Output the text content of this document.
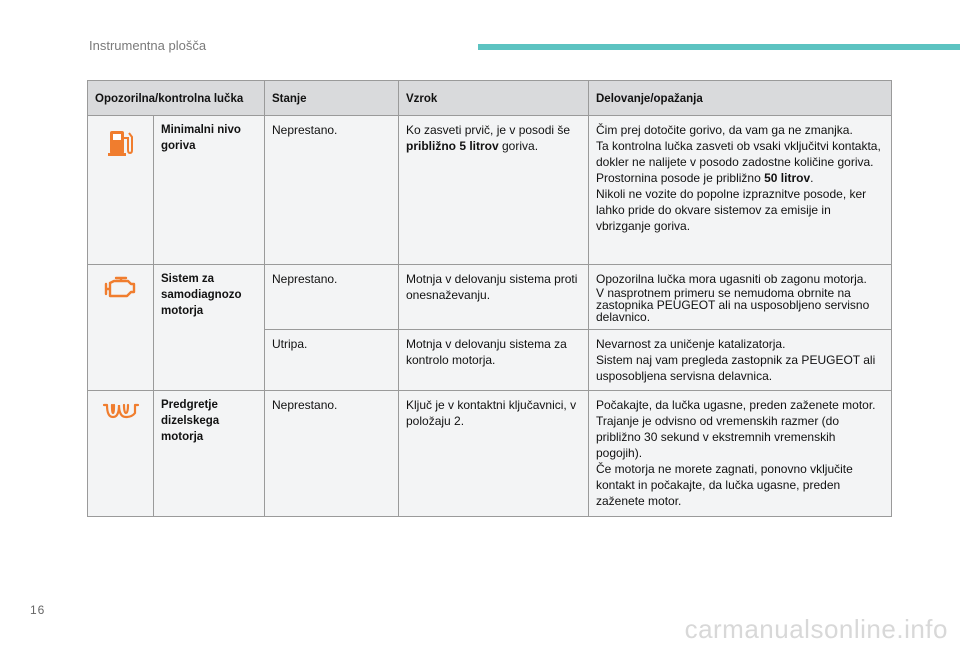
Instrumentna plošča
Opozorilna/kontrolna lučka		Stanje	Vzrok	Delovanje/opažanja
	Minimalni nivo goriva	Neprestano.	Ko zasveti prvič, je v posodi še približno 5 litrov goriva.	Čim prej dotočite gorivo, da vam ga ne zmanjka.
Ta kontrolna lučka zasveti ob vsaki vključitvi kontakta, dokler ne nalijete v posodo zadostne količine goriva.
Prostornina posode je približno 50 litrov.
Nikoli ne vozite do popolne izpraznitve posode, ker lahko pride do okvare sistemov za emisije in vbrizganje goriva.

	Sistem za samodiagnozo motorja	Neprestano.	Motnja v delovanju sistema proti onesnaževanju.	Opozorilna lučka mora ugasniti ob zagonu motorja.
V nasprotnem primeru se nemudoma obrnite na zastopnika PEUGEOT ali na usposobljeno servisno delavnico.

		Utripa.	Motnja v delovanju sistema za kontrolo motorja.	Nevarnost za uničenje katalizatorja.
Sistem naj vam pregleda zastopnik za PEUGEOT ali usposobljena servisna delavnica.

	Predgretje dizelskega motorja	Neprestano.	Ključ je v kontaktni ključavnici, v položaju 2.	Počakajte, da lučka ugasne, preden zaženete motor.
Trajanje je odvisno od vremenskih razmer (do približno 30 sekund v ekstremnih vremenskih pogojih).
Če motorja ne morete zagnati, ponovno vključite kontakt in počakajte, da lučka ugasne, preden zaženete motor.
16
carmanualsonline.info
